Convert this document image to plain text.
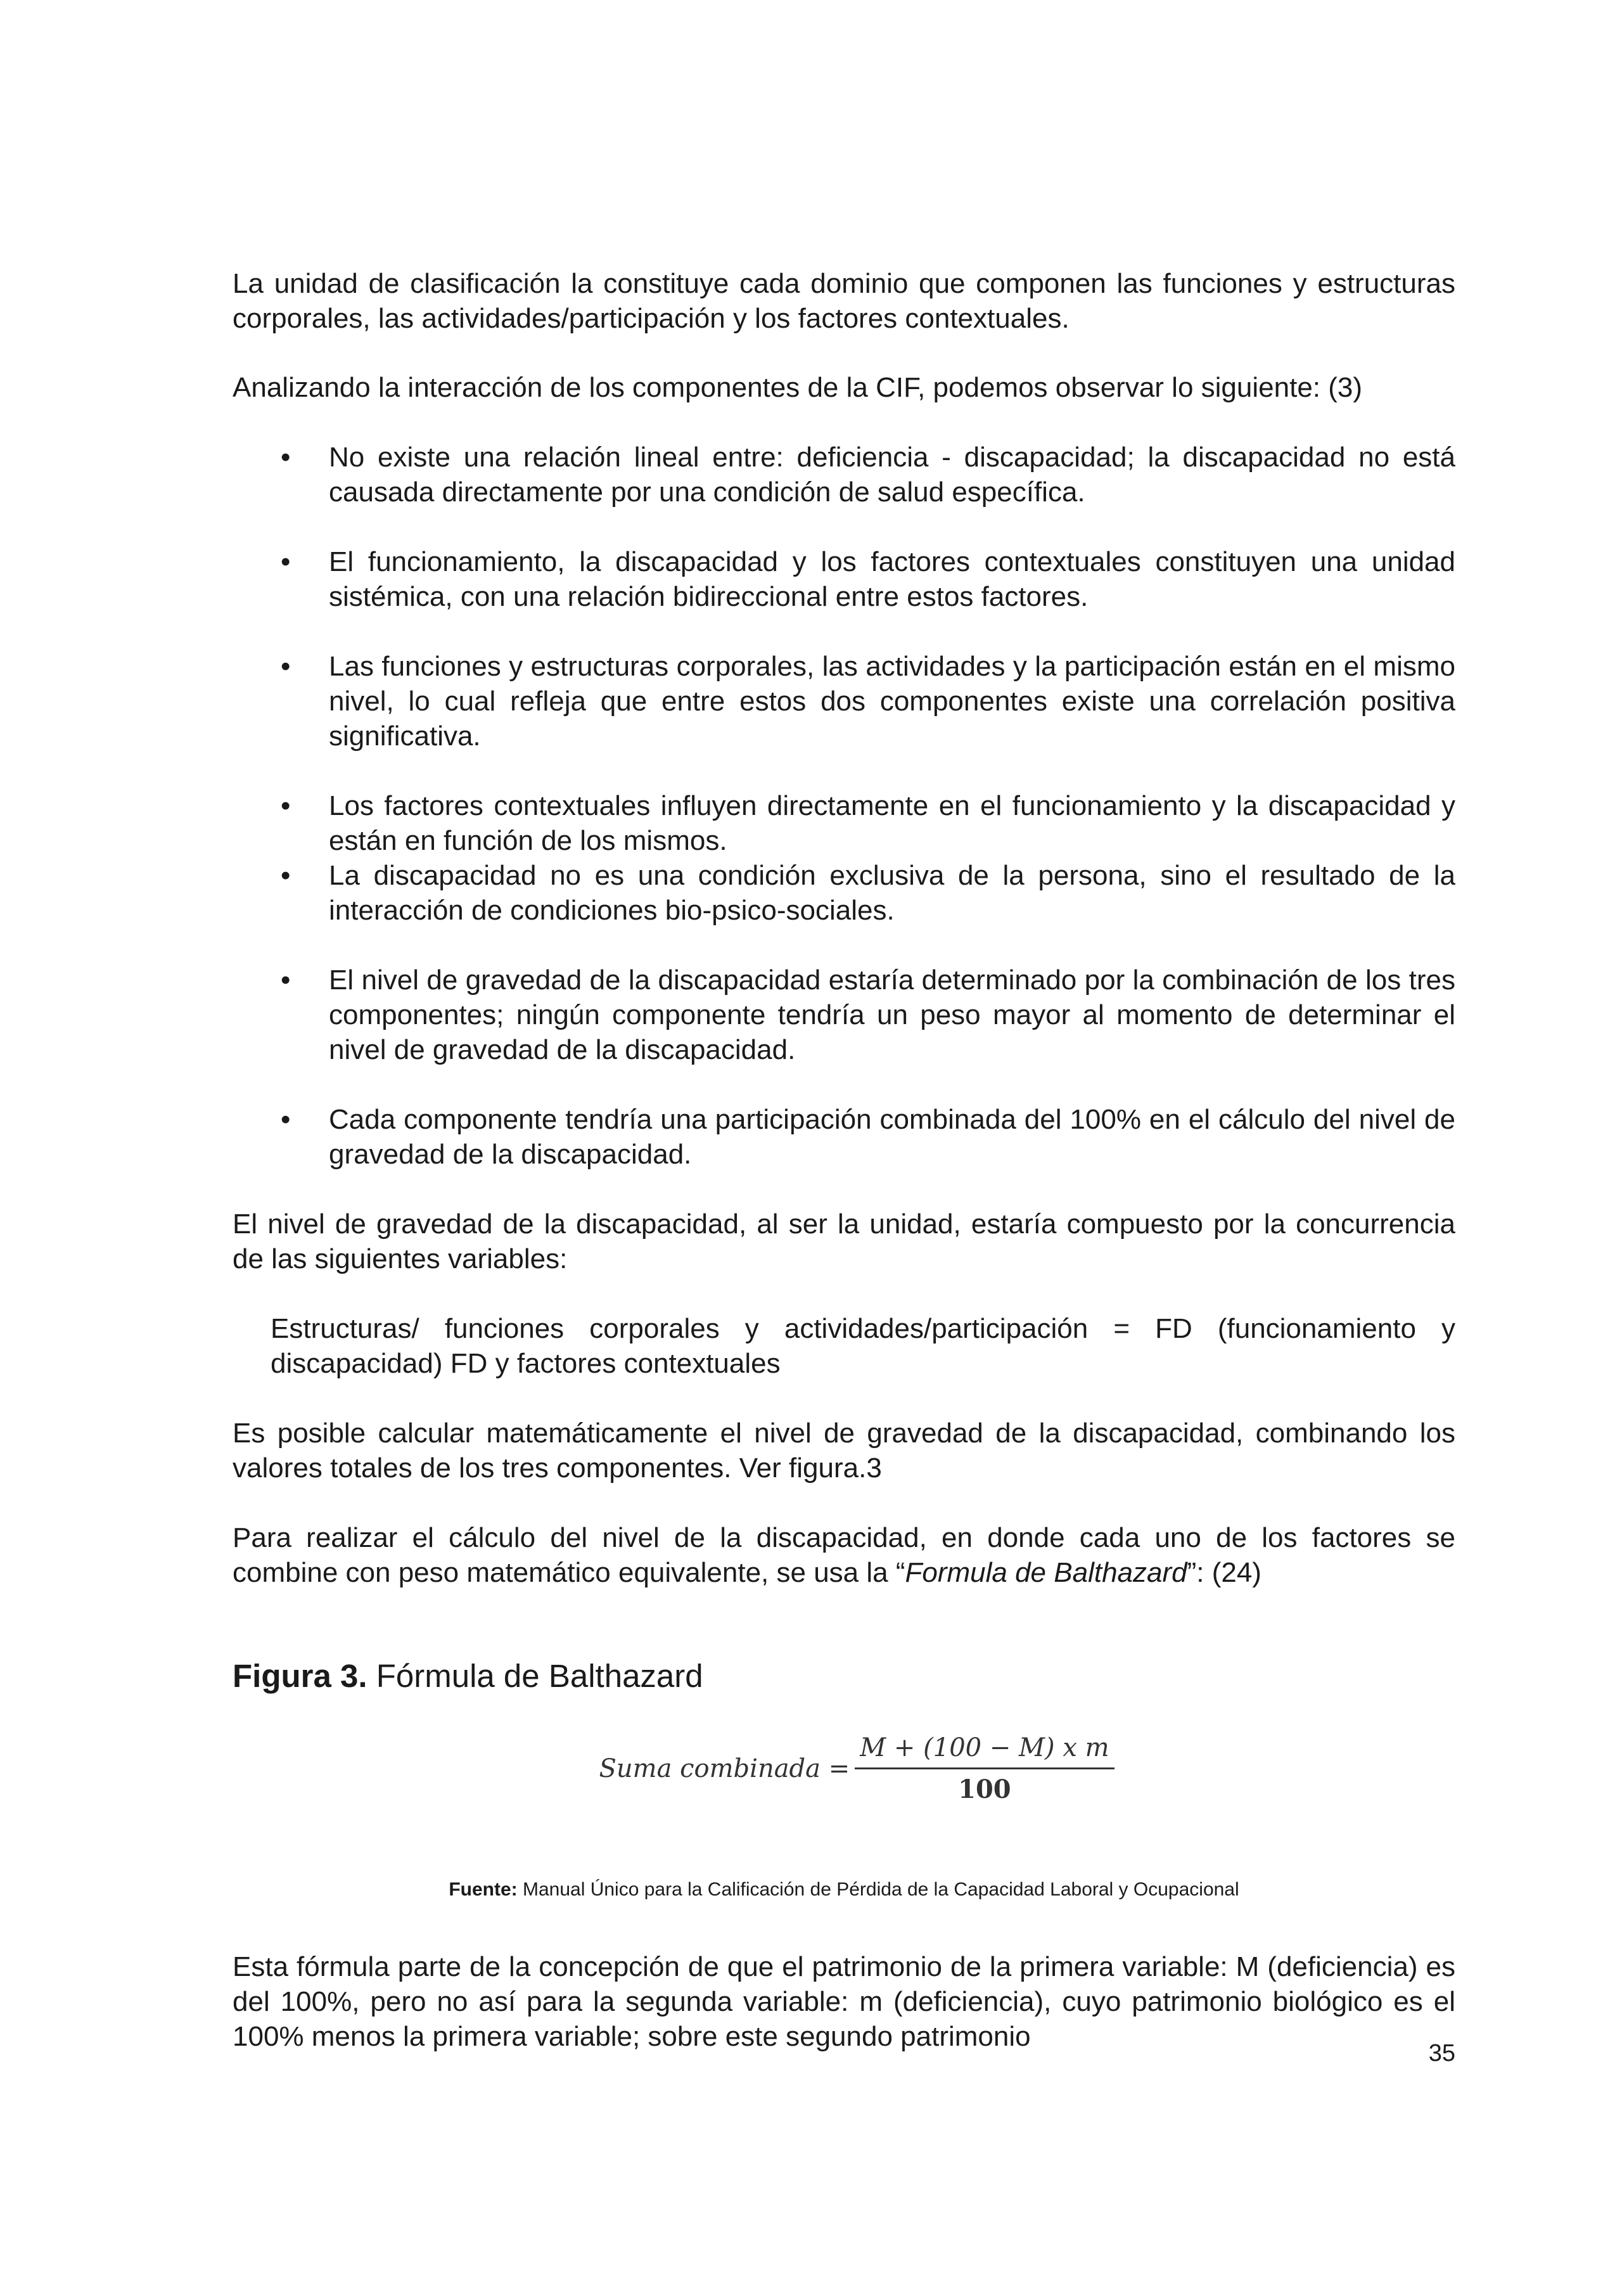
La unidad de clasificación la constituye cada dominio que componen las funciones y estructuras corporales, las actividades/participación y los factores contextuales.

Analizando la interacción de los componentes de la CIF, podemos observar lo siguiente: (3)

• No existe una relación lineal entre: deficiencia - discapacidad; la discapacidad no está causada directamente por una condición de salud específica.
• El funcionamiento, la discapacidad y los factores contextuales constituyen una unidad sistémica, con una relación bidireccional entre estos factores.
• Las funciones y estructuras corporales, las actividades y la participación están en el mismo nivel, lo cual refleja que entre estos dos componentes existe una correlación positiva significativa.
• Los factores contextuales influyen directamente en el funcionamiento y la discapacidad y están en función de los mismos.
• La discapacidad no es una condición exclusiva de la persona, sino el resultado de la interacción de condiciones bio-psico-sociales.
• El nivel de gravedad de la discapacidad estaría determinado por la combinación de los tres componentes; ningún componente tendría un peso mayor al momento de determinar el nivel de gravedad de la discapacidad.
• Cada componente tendría una participación combinada del 100% en el cálculo del nivel de gravedad de la discapacidad.

El nivel de gravedad de la discapacidad, al ser la unidad, estaría compuesto por la concurrencia de las siguientes variables:

Estructuras/ funciones corporales y actividades/participación = FD (funcionamiento y discapacidad) FD y factores contextuales

Es posible calcular matemáticamente el nivel de gravedad de la discapacidad, combinando los valores totales de los tres componentes. Ver figura.3

Para realizar el cálculo del nivel de la discapacidad, en donde cada uno de los factores se combine con peso matemático equivalente, se usa la “Formula de Balthazard”: (24)

Figura 3. Fórmula de Balthazard
Suma combinada = $\frac{\text{M + (100 − M) x m}}{100}$
Fuente: Manual Único para la Calificación de Pérdida de la Capacidad Laboral y Ocupacional

Esta fórmula parte de la concepción de que el patrimonio de la primera variable: M (deficiencia) es del 100%, pero no así para la segunda variable: m (deficiencia), cuyo patrimonio biológico es el 100% menos la primera variable; sobre este segundo patrimonio

35
